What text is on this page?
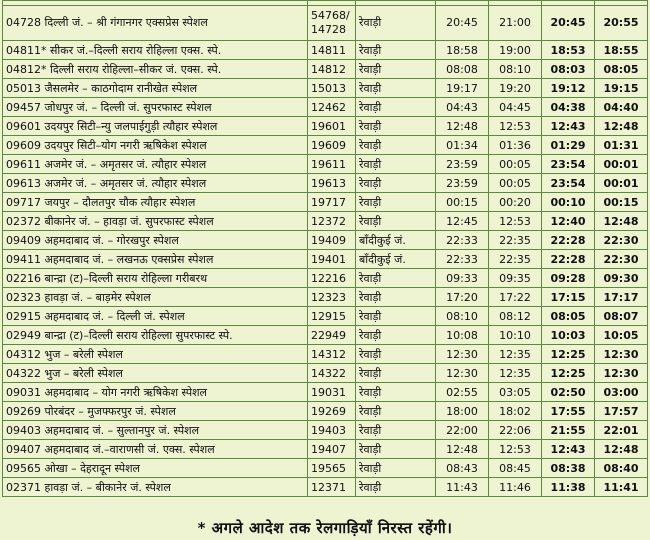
04728 दिल्ली जं. – श्री गंगानगर एक्सप्रेस स्पेशल	54768/ 14728	रेवाड़ी	20:45	21:00	20:45	20:55
04811* सीकर जं.–दिल्ली सराय रोहिल्ला एक्स. स्पे.	14811	रेवाड़ी	18:58	19:00	18:53	18:55
04812* दिल्ली सराय रोहिल्ला–सीकर जं. एक्स. स्पे.	14812	रेवाड़ी	08:08	08:10	08:03	08:05
05013 जैसलमेर – काठगोदाम रानीखेत स्पेशल	15013	रेवाड़ी	19:17	19:20	19:12	19:15
09457 जोधपुर जं. – दिल्ली जं. सुपरफास्ट स्पेशल	12462	रेवाड़ी	04:43	04:45	04:38	04:40
09601 उदयपुर सिटी–न्यु जलपाईगुड़ी त्यौहार स्पेशल	19601	रेवाड़ी	12:48	12:53	12:43	12:48
09609 उदयपुर सिटी–योग नगरी ऋषिकेश स्पेशल	19609	रेवाड़ी	01:34	01:36	01:29	01:31
09611 अजमेर जं. – अमृतसर जं. त्यौहार स्पेशल	19611	रेवाड़ी	23:59	00:05	23:54	00:01
09613 अजमेर जं. – अमृतसर जं. त्यौहार स्पेशल	19613	रेवाड़ी	23:59	00:05	23:54	00:01
09717 जयपुर – दौलतपुर चौक त्यौहार स्पेशल	19717	रेवाड़ी	00:15	00:20	00:10	00:15
02372 बीकानेर जं. – हावड़ा जं. सुपरफास्ट स्पेशल	12372	रेवाड़ी	12:45	12:53	12:40	12:48
09409 अहमदाबाद जं. – गोरखपुर स्पेशल	19409	बाँदीकुई जं.	22:33	22:35	22:28	22:30
09411 अहमदाबाद जं. – लखनऊ एक्सप्रेस स्पेशल	19401	बाँदीकुई जं.	22:33	22:35	22:28	22:30
02216 बान्द्रा (ट)–दिल्ली सराय रोहिल्ला गरीबरथ	12216	रेवाड़ी	09:33	09:35	09:28	09:30
02323 हावड़ा जं. – बाड़मेर स्पेशल	12323	रेवाड़ी	17:20	17:22	17:15	17:17
02915 अहमदाबाद जं. – दिल्ली जं. स्पेशल	12915	रेवाड़ी	08:10	08:12	08:05	08:07
02949 बान्द्रा (ट)–दिल्ली सराय रोहिल्ला सुपरफास्ट स्पे.	22949	रेवाड़ी	10:08	10:10	10:03	10:05
04312 भुज – बरेली स्पेशल	14312	रेवाड़ी	12:30	12:35	12:25	12:30
04322 भुज – बरेली स्पेशल	14322	रेवाड़ी	12:30	12:35	12:25	12:30
09031 अहमदाबाद – योग नगरी ऋषिकेश स्पेशल	19031	रेवाड़ी	02:55	03:05	02:50	03:00
09269 पोरबंदर – मुजफ्फरपुर जं. स्पेशल	19269	रेवाड़ी	18:00	18:02	17:55	17:57
09403 अहमदाबाद जं. – सुल्तानपुर जं. स्पेशल	19403	रेवाड़ी	22:00	22:06	21:55	22:01
09407 अहमदाबाद जं.–वाराणसी जं. एक्स. स्पेशल	19407	रेवाड़ी	12:48	12:53	12:43	12:48
09565 ओखा – देहरादून स्पेशल	19565	रेवाड़ी	08:43	08:45	08:38	08:40
02371 हावड़ा जं. – बीकानेर जं. स्पेशल	12371	रेवाड़ी	11:43	11:46	11:38	11:41
* अगले आदेश तक रेलगाड़ियाँ निरस्त रहेंगी।
